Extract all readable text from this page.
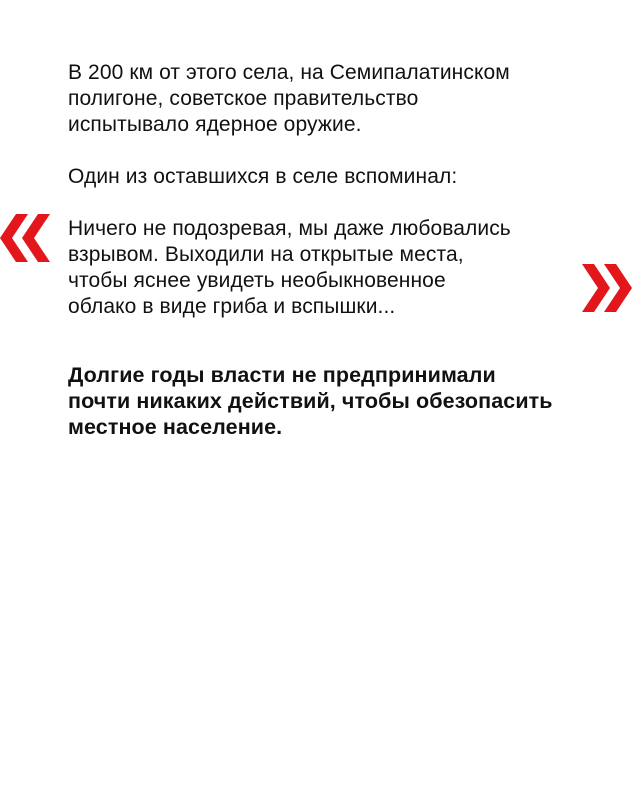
В 200 км от этого села, на Семипалатинском
полигоне, советское правительство
испытывало ядерное оружие.

Один из оставшихся в селе вспоминал:

Ничего не подозревая, мы даже любовались
взрывом. Выходили на открытые места,
чтобы яснее увидеть необыкновенное
облако в виде гриба и вспышки...

Долгие годы власти не предпринимали
почти никаких действий, чтобы обезопасить
местное население.
